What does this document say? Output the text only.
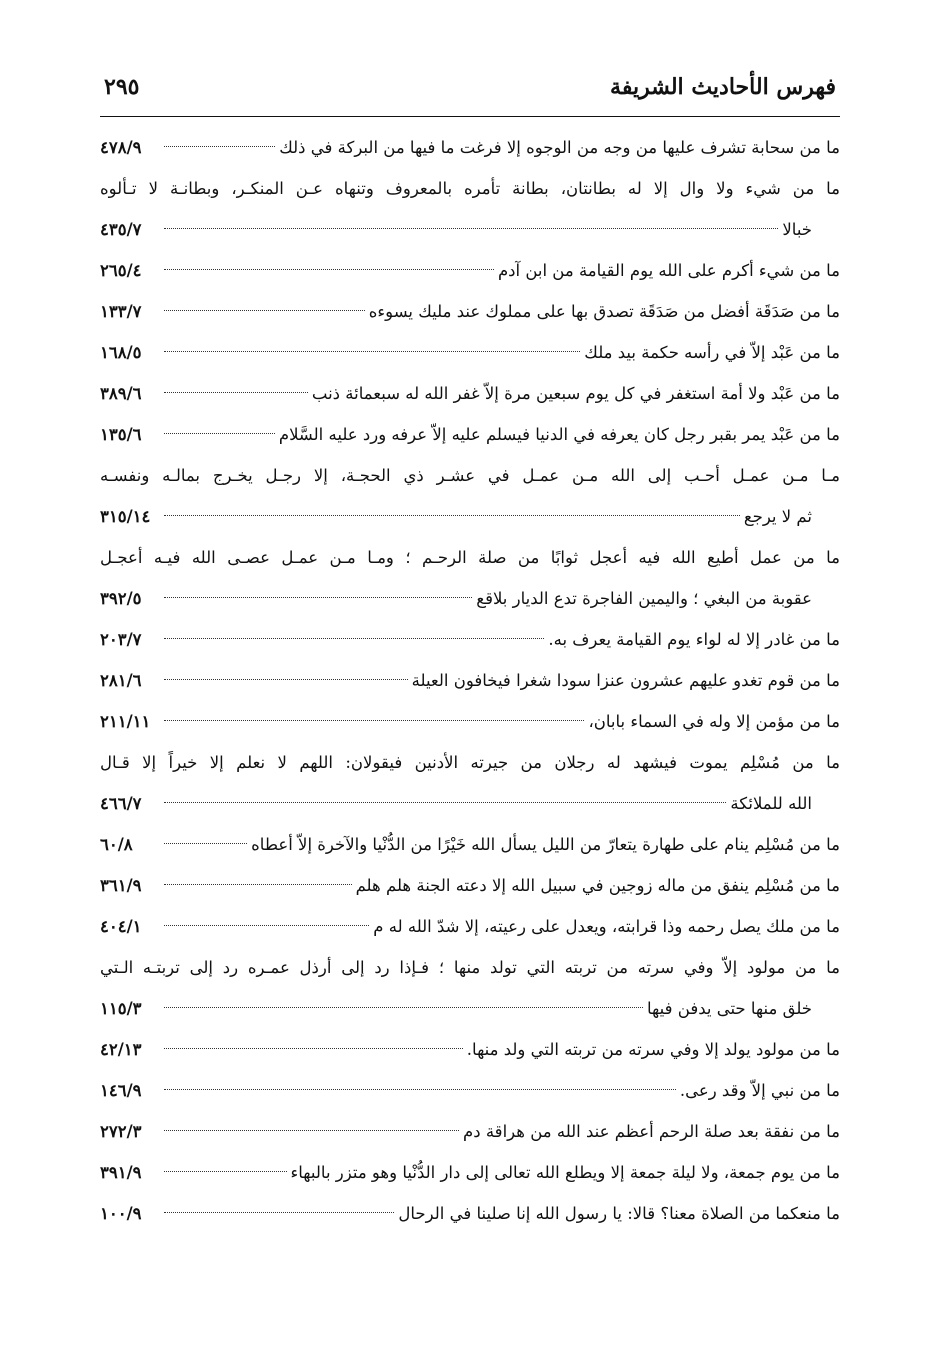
فهرس الأحاديث الشريفة
٢٩٥
ما من سحابة تشرف عليها من وجه من الوجوه إلا فرغت ما فيها من البركة في ذلك
٤٧٨/٩
ما من شيء ولا وال إلا له بطانتان، بطانة تأمره بالمعروف وتنهاه عـن المنكـر، وبطانـة لا تـألوه
خبالا
٤٣٥/٧
ما من شيء أكرم على الله يوم القيامة من ابن آدم
٢٦٥/٤
ما من صَدَقَة أفضل من صَدَقَة تصدق بها على مملوك عند مليك يسوءه
١٣٣/٧
ما من عَبْد إلاّ في رأسه حكمة بيد ملك
١٦٨/٥
ما من عَبْد ولا أمة استغفر في كل يوم سبعين مرة إلاّ غفر الله له سبعمائة ذنب
٣٨٩/٦
ما من عَبْد يمر بقبر رجل كان يعرفه في الدنيا فيسلم عليه إلاّ عرفه ورد عليه السَّلام
١٣٥/٦
مـا مـن عمـل أحـب إلى الله مـن عمـل في عشـر ذي الحجـة، إلا رجـل يخـرج بمالـه ونفسـه
ثم لا يرجع
٣١٥/١٤
ما من عمل أطيع الله فيه أعجل ثوابًا من صلة الرحـم ؛ ومـا مـن عمـل عصـى الله فيـه أعجـل
عقوبة من البغي ؛ واليمين الفاجرة تدع الديار بلاقع
٣٩٢/٥
ما من غادر إلا له لواء يوم القيامة يعرف به.
٢٠٣/٧
ما من قوم تغدو عليهم عشرون عنزا سودا شغرا فيخافون العيلة
٢٨١/٦
ما من مؤمن إلا وله في السماء بابان،
٢١١/١١
ما من مُسْلِم يموت فيشهد له رجلان من جيرته الأدنين فيقولان: اللهم لا نعلم إلا خيراً إلا قـال
الله للملائكة
٤٦٦/٧
ما من مُسْلِم ينام على طهارة يتعارّ من الليل يسأل الله خَيْرًا من الدُّنْيا والآخرة إلاّ أعطاه
٦٠/٨
ما من مُسْلِم ينفق من ماله زوجين في سبيل الله إلا دعته الجنة هلم هلم
٣٦١/٩
ما من ملك يصل رحمه وذا قرابته، ويعدل على رعيته، إلا شدّ الله له م
٤٠٤/١
ما من مولود إلاّ وفي سرته من تربته التي تولد منها ؛ فـإذا رد إلى أرذل عمـره رد إلى تربتـه الـتي
خلق منها حتى يدفن فيها
١١٥/٣
ما من مولود يولد إلا وفي سرته من تربته التي ولد منها.
٤٢/١٣
ما من نبي إلاّ وقد رعى.
١٤٦/٩
ما من نفقة بعد صلة الرحم أعظم عند الله من هراقة دم
٢٧٢/٣
ما من يوم جمعة، ولا ليلة جمعة إلا ويطلع الله تعالى إلى دار الدُّنْيا وهو متزر بالبهاء
٣٩١/٩
ما منعكما من الصلاة معنا؟ قالا: يا رسول الله إنا صلينا في الرحال
١٠٠/٩
